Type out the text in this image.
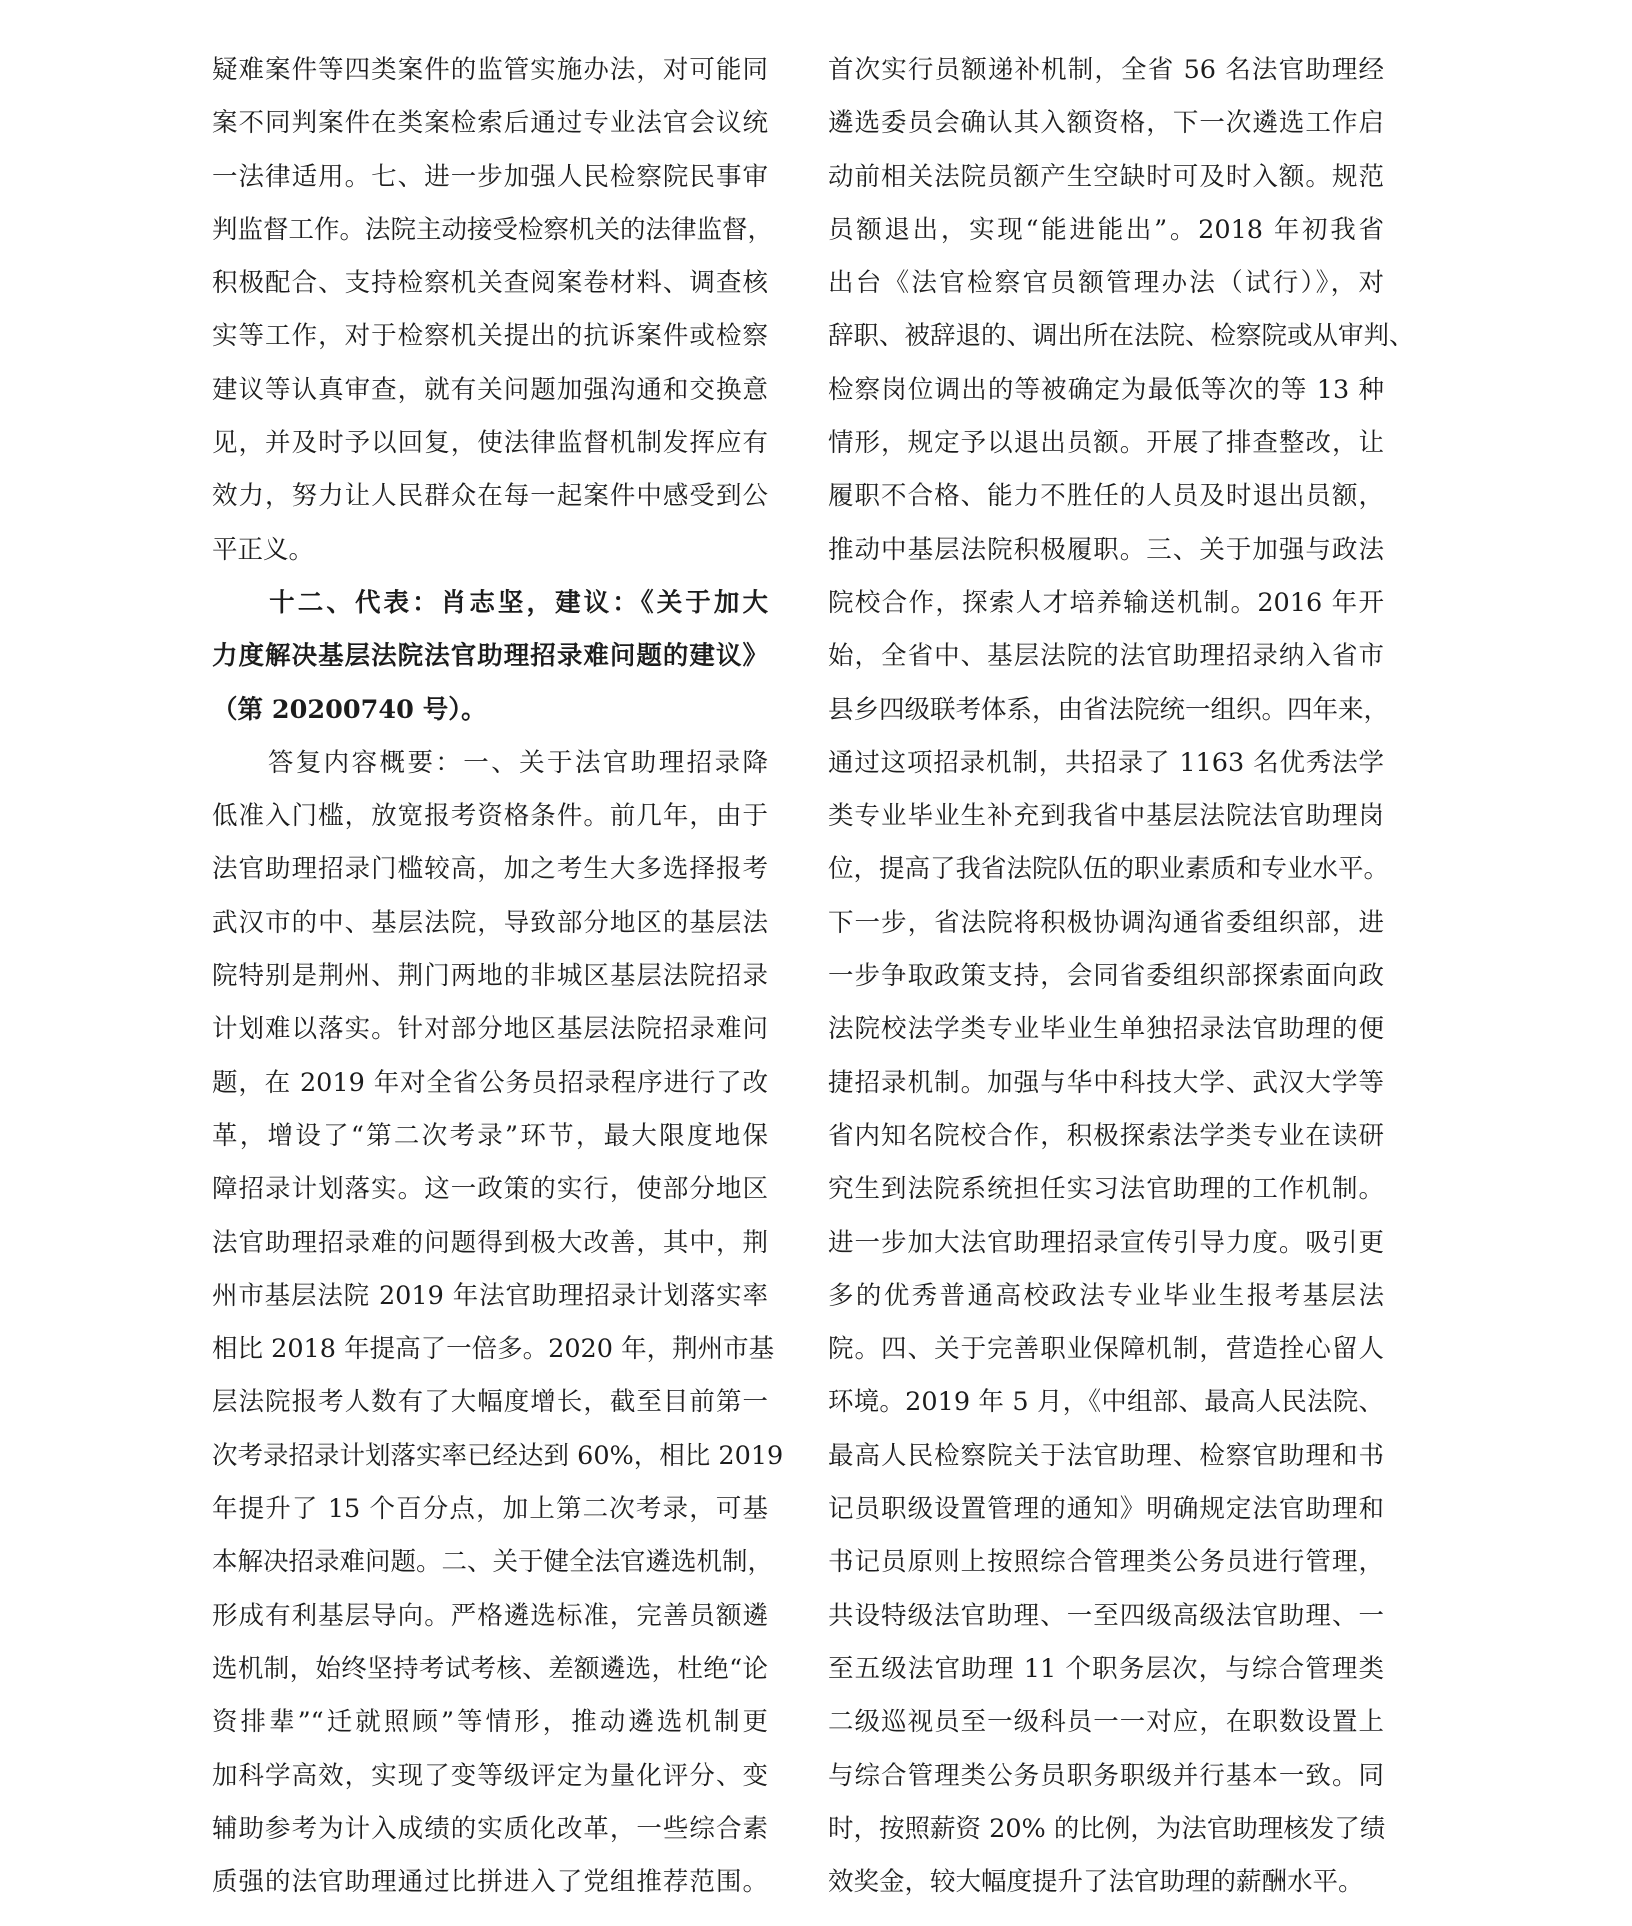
疑难案件等四类案件的监管实施办法，对可能同
案不同判案件在类案检索后通过专业法官会议统
一法律适用。七、进一步加强人民检察院民事审
判监督工作。法院主动接受检察机关的法律监督，
积极配合、支持检察机关查阅案卷材料、调查核
实等工作，对于检察机关提出的抗诉案件或检察
建议等认真审查，就有关问题加强沟通和交换意
见，并及时予以回复，使法律监督机制发挥应有
效力，努力让人民群众在每一起案件中感受到公
平正义。
　　十二、代表：肖志坚，建议：《关于加大
力度解决基层法院法官助理招录难问题的建议》
（第 20200740 号）。
　　答复内容概要：一、关于法官助理招录降
低准入门槛，放宽报考资格条件。前几年，由于
法官助理招录门槛较高，加之考生大多选择报考
武汉市的中、基层法院，导致部分地区的基层法
院特别是荆州、荆门两地的非城区基层法院招录
计划难以落实。针对部分地区基层法院招录难问
题，在 2019 年对全省公务员招录程序进行了改
革，增设了“第二次考录”环节，最大限度地保
障招录计划落实。这一政策的实行，使部分地区
法官助理招录难的问题得到极大改善，其中，荆
州市基层法院 2019 年法官助理招录计划落实率
相比 2018 年提高了一倍多。2020 年，荆州市基
层法院报考人数有了大幅度增长，截至目前第一
次考录招录计划落实率已经达到 60%，相比 2019
年提升了 15 个百分点，加上第二次考录，可基
本解决招录难问题。二、关于健全法官遴选机制，
形成有利基层导向。严格遴选标准，完善员额遴
选机制，始终坚持考试考核、差额遴选，杜绝“论
资排辈”“迁就照顾”等情形，推动遴选机制更
加科学高效，实现了变等级评定为量化评分、变
辅助参考为计入成绩的实质化改革，一些综合素
质强的法官助理通过比拼进入了党组推荐范围。
首次实行员额递补机制，全省 56 名法官助理经
遴选委员会确认其入额资格，下一次遴选工作启
动前相关法院员额产生空缺时可及时入额。规范
员额退出，实现“能进能出”。2018 年初我省
出台《法官检察官员额管理办法（试行）》，对
辞职、被辞退的、调出所在法院、检察院或从审判、
检察岗位调出的等被确定为最低等次的等 13 种
情形，规定予以退出员额。开展了排查整改，让
履职不合格、能力不胜任的人员及时退出员额，
推动中基层法院积极履职。三、关于加强与政法
院校合作，探索人才培养输送机制。2016 年开
始，全省中、基层法院的法官助理招录纳入省市
县乡四级联考体系，由省法院统一组织。四年来，
通过这项招录机制，共招录了 1163 名优秀法学
类专业毕业生补充到我省中基层法院法官助理岗
位，提高了我省法院队伍的职业素质和专业水平。
下一步，省法院将积极协调沟通省委组织部，进
一步争取政策支持，会同省委组织部探索面向政
法院校法学类专业毕业生单独招录法官助理的便
捷招录机制。加强与华中科技大学、武汉大学等
省内知名院校合作，积极探索法学类专业在读研
究生到法院系统担任实习法官助理的工作机制。
进一步加大法官助理招录宣传引导力度。吸引更
多的优秀普通高校政法专业毕业生报考基层法
院。四、关于完善职业保障机制，营造拴心留人
环境。2019 年 5 月，《中组部、最高人民法院、
最高人民检察院关于法官助理、检察官助理和书
记员职级设置管理的通知》明确规定法官助理和
书记员原则上按照综合管理类公务员进行管理，
共设特级法官助理、一至四级高级法官助理、一
至五级法官助理 11 个职务层次，与综合管理类
二级巡视员至一级科员一一对应，在职数设置上
与综合管理类公务员职务职级并行基本一致。同
时，按照薪资 20% 的比例，为法官助理核发了绩
效奖金，较大幅度提升了法官助理的薪酬水平。
